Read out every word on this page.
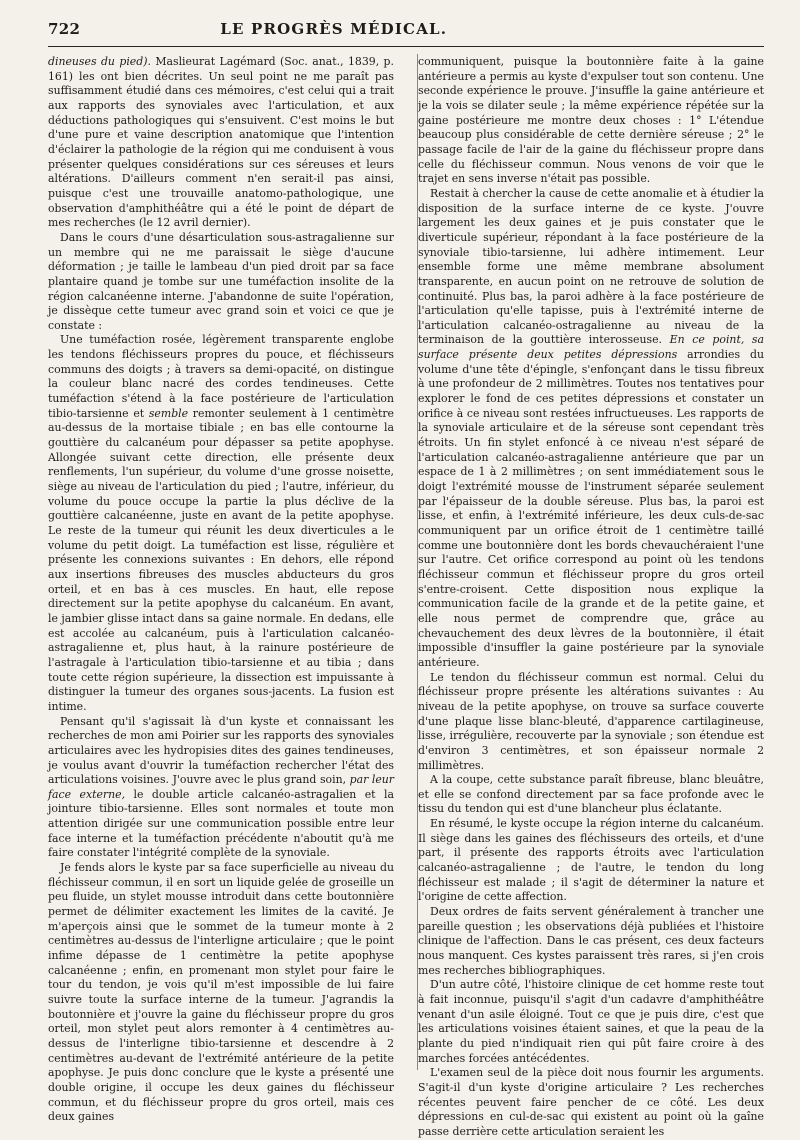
722	LE PROGRÈS MÉDICAL.

dineuses du pied). Maslieurat Lagémard (Soc. anat., 1839, p. 161) les ont bien décrites. Un seul point ne me paraît pas suffisamment étudié dans ces mémoires, c'est celui qui a trait aux rapports des synoviales avec l'articulation, et aux déductions pathologiques qui s'ensuivent. C'est moins le but d'une pure et vaine description anatomique que l'intention d'éclairer la pathologie de la région qui me conduisent à vous présenter quelques considérations sur ces séreuses et leurs altérations. D'ailleurs comment n'en serait-il pas ainsi, puisque c'est une trouvaille anatomo-pathologique, une observation d'amphithéâtre qui a été le point de départ de mes recherches (le 12 avril dernier).

Dans le cours d'une désarticulation sous-astragalienne sur un membre qui ne me paraissait le siège d'aucune déformation ; je taille le lambeau d'un pied droit par sa face plantaire quand je tombe sur une tuméfaction insolite de la région calcanéenne interne. J'abandonne de suite l'opération, je dissèque cette tumeur avec grand soin et voici ce que je constate :

Une tuméfaction rosée, légèrement transparente englobe les tendons fléchisseurs propres du pouce, et fléchisseurs communs des doigts ; à travers sa demi-opacité, on distingue la couleur blanc nacré des cordes tendineuses. Cette tuméfaction s'étend à la face postérieure de l'articulation tibio-tarsienne et semble remonter seulement à 1 centimètre au-dessus de la mortaise tibiale ; en bas elle contourne la gouttière du calcanéum pour dépasser sa petite apophyse. Allongée suivant cette direction, elle présente deux renflements, l'un supérieur, du volume d'une grosse noisette, siège au niveau de l'articulation du pied ; l'autre, inférieur, du volume du pouce occupe la partie la plus déclive de la gouttière calcanéenne, juste en avant de la petite apophyse. Le reste de la tumeur qui réunit les deux diverticules a le volume du petit doigt. La tuméfaction est lisse, régulière et présente les connexions suivantes : En dehors, elle répond aux insertions fibreuses des muscles abducteurs du gros orteil, et en bas à ces muscles. En haut, elle repose directement sur la petite apophyse du calcanéum. En avant, le jambier glisse intact dans sa gaine normale. En dedans, elle est accolée au calcanéum, puis à l'articulation calcanéo-astragalienne et, plus haut, à la rainure postérieure de l'astragale à l'articulation tibio-tarsienne et au tibia ; dans toute cette région supérieure, la dissection est impuissante à distinguer la tumeur des organes sous-jacents. La fusion est intime.

Pensant qu'il s'agissait là d'un kyste et connaissant les recherches de mon ami Poirier sur les rapports des synoviales articulaires avec les hydropisies dites des gaines tendineuses, je voulus avant d'ouvrir la tuméfaction rechercher l'état des articulations voisines. J'ouvre avec le plus grand soin, par leur face externe, le double article calcanéo-astragalien et la jointure tibio-tarsienne. Elles sont normales et toute mon attention dirigée sur une communication possible entre leur face interne et la tuméfaction précédente n'aboutit qu'à me faire constater l'intégrité complète de la synoviale.

Je fends alors le kyste par sa face superficielle au niveau du fléchisseur commun, il en sort un liquide gelée de groseille un peu fluide, un stylet mousse introduit dans cette boutonnière permet de délimiter exactement les limites de la cavité. Je m'aperçois ainsi que le sommet de la tumeur monte à 2 centimètres au-dessus de l'interligne articulaire ; que le point infime dépasse de 1 centimètre la petite apophyse calcanéenne ; enfin, en promenant mon stylet pour faire le tour du tendon, je vois qu'il m'est impossible de lui faire suivre toute la surface interne de la tumeur. J'agrandis la boutonnière et j'ouvre la gaine du fléchisseur propre du gros orteil, mon stylet peut alors remonter à 4 centimètres au-dessus de l'interligne tibio-tarsienne et descendre à 2 centimètres au-devant de l'extrémité antérieure de la petite apophyse. Je puis donc conclure que le kyste a présenté une double origine, il occupe les deux gaines du fléchisseur commun, et du fléchisseur propre du gros orteil, mais ces deux gaines

communiquent, puisque la boutonnière faite à la gaine antérieure a permis au kyste d'expulser tout son contenu. Une seconde expérience le prouve. J'insuffle la gaine antérieure et je la vois se dilater seule ; la même expérience répétée sur la gaine postérieure me montre deux choses : 1° L'étendue beaucoup plus considérable de cette dernière séreuse ; 2° le passage facile de l'air de la gaine du fléchisseur propre dans celle du fléchisseur commun. Nous venons de voir que le trajet en sens inverse n'était pas possible.

Restait à chercher la cause de cette anomalie et à étudier la disposition de la surface interne de ce kyste. J'ouvre largement les deux gaines et je puis constater que le diverticule supérieur, répondant à la face postérieure de la synoviale tibio-tarsienne, lui adhère intimement. Leur ensemble forme une même membrane absolument transparente, en aucun point on ne retrouve de solution de continuité. Plus bas, la paroi adhère à la face postérieure de l'articulation qu'elle tapisse, puis à l'extrémité interne de l'articulation calcanéo-ostragalienne au niveau de la terminaison de la gouttière interosseuse. En ce point, sa surface présente deux petites dépressions arrondies du volume d'une tête d'épingle, s'enfonçant dans le tissu fibreux à une profondeur de 2 millimètres. Toutes nos tentatives pour explorer le fond de ces petites dépressions et constater un orifice à ce niveau sont restées infructueuses. Les rapports de la synoviale articulaire et de la séreuse sont cependant très étroits. Un fin stylet enfoncé à ce niveau n'est séparé de l'articulation calcanéo-astragalienne antérieure que par un espace de 1 à 2 millimètres ; on sent immédiatement sous le doigt l'extrémité mousse de l'instrument séparée seulement par l'épaisseur de la double séreuse. Plus bas, la paroi est lisse, et enfin, à l'extrémité inférieure, les deux culs-de-sac communiquent par un orifice étroit de 1 centimètre taillé comme une boutonnière dont les bords chevauchéraient l'une sur l'autre. Cet orifice correspond au point où les tendons fléchisseur commun et fléchisseur propre du gros orteil s'entre-croisent. Cette disposition nous explique la communication facile de la grande et de la petite gaine, et elle nous permet de comprendre que, grâce au chevauchement des deux lèvres de la boutonnière, il était impossible d'insuffler la gaine postérieure par la synoviale antérieure.

Le tendon du fléchisseur commun est normal. Celui du fléchisseur propre présente les altérations suivantes : Au niveau de la petite apophyse, on trouve sa surface couverte d'une plaque lisse blanc-bleuté, d'apparence cartilagineuse, lisse, irrégulière, recouverte par la synoviale ; son étendue est d'environ 3 centimètres, et son épaisseur normale 2 millimètres.

A la coupe, cette substance paraît fibreuse, blanc bleuâtre, et elle se confond directement par sa face profonde avec le tissu du tendon qui est d'une blancheur plus éclatante.

En résumé, le kyste occupe la région interne du calcanéum. Il siège dans les gaines des fléchisseurs des orteils, et d'une part, il présente des rapports étroits avec l'articulation calcanéo-astragalienne ; de l'autre, le tendon du long fléchisseur est malade ; il s'agit de déterminer la nature et l'origine de cette affection.

Deux ordres de faits servent généralement à trancher une pareille question ; les observations déjà publiées et l'histoire clinique de l'affection. Dans le cas présent, ces deux facteurs nous manquent. Ces kystes paraissent très rares, si j'en crois mes recherches bibliographiques.

D'un autre côté, l'histoire clinique de cet homme reste tout à fait inconnue, puisqu'il s'agit d'un cadavre d'amphithéâtre venant d'un asile éloigné. Tout ce que je puis dire, c'est que les articulations voisines étaient saines, et que la peau de la plante du pied n'indiquait rien qui pût faire croire à des marches forcées antécédentes.

L'examen seul de la pièce doit nous fournir les arguments. S'agit-il d'un kyste d'origine articulaire ? Les recherches récentes peuvent faire pencher de ce côté. Les deux dépressions en cul-de-sac qui existent au point où la gaîne passe derrière cette articulation seraient les
